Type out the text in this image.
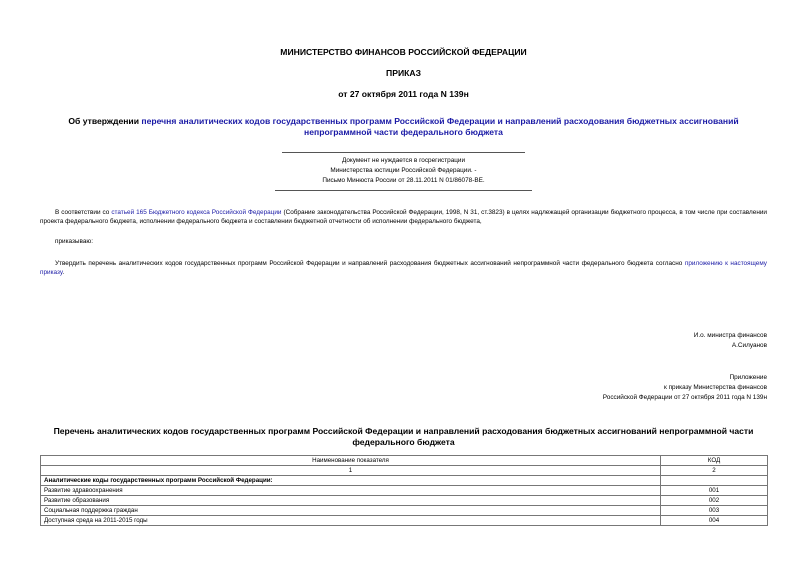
МИНИСТЕРСТВО ФИНАНСОВ РОССИЙСКОЙ ФЕДЕРАЦИИ
ПРИКАЗ
от 27 октября 2011 года N 139н
Об утверждении перечня аналитических кодов государственных программ Российской Федерации и направлений расходования бюджетных ассигнований непрограммной части федерального бюджета
Документ не нуждается в госрегистрации
Министерства юстиции Российской Федерации. -
Письмо Минюста России от 28.11.2011 N 01/86078-ВЕ.
В соответствии со статьей 165 Бюджетного кодекса Российской Федерации (Собрание законодательства Российской Федерации, 1998, N 31, ст.3823) в целях надлежащей организации бюджетного процесса, в том числе при составлении проекта федерального бюджета, исполнении федерального бюджета и составлении бюджетной отчетности об исполнении федерального бюджета,
приказываю:
Утвердить перечень аналитических кодов государственных программ Российской Федерации и направлений расходования бюджетных ассигнований непрограммной части федерального бюджета согласно приложению к настоящему приказу.
И.о. министра финансов
А.Силуанов
Приложение
к приказу Министерства финансов
Российской Федерации от 27 октября 2011 года N 139н
Перечень аналитических кодов государственных программ Российской Федерации и направлений расходования бюджетных ассигнований непрограммной части федерального бюджета
Наименование показателя	КОД
1	2
Аналитические коды государственных программ Российской Федерации:	
Развитие здравоохранения	001
Развитие образования	002
Социальная поддержка граждан	003
Доступная среда на 2011-2015 годы	004
